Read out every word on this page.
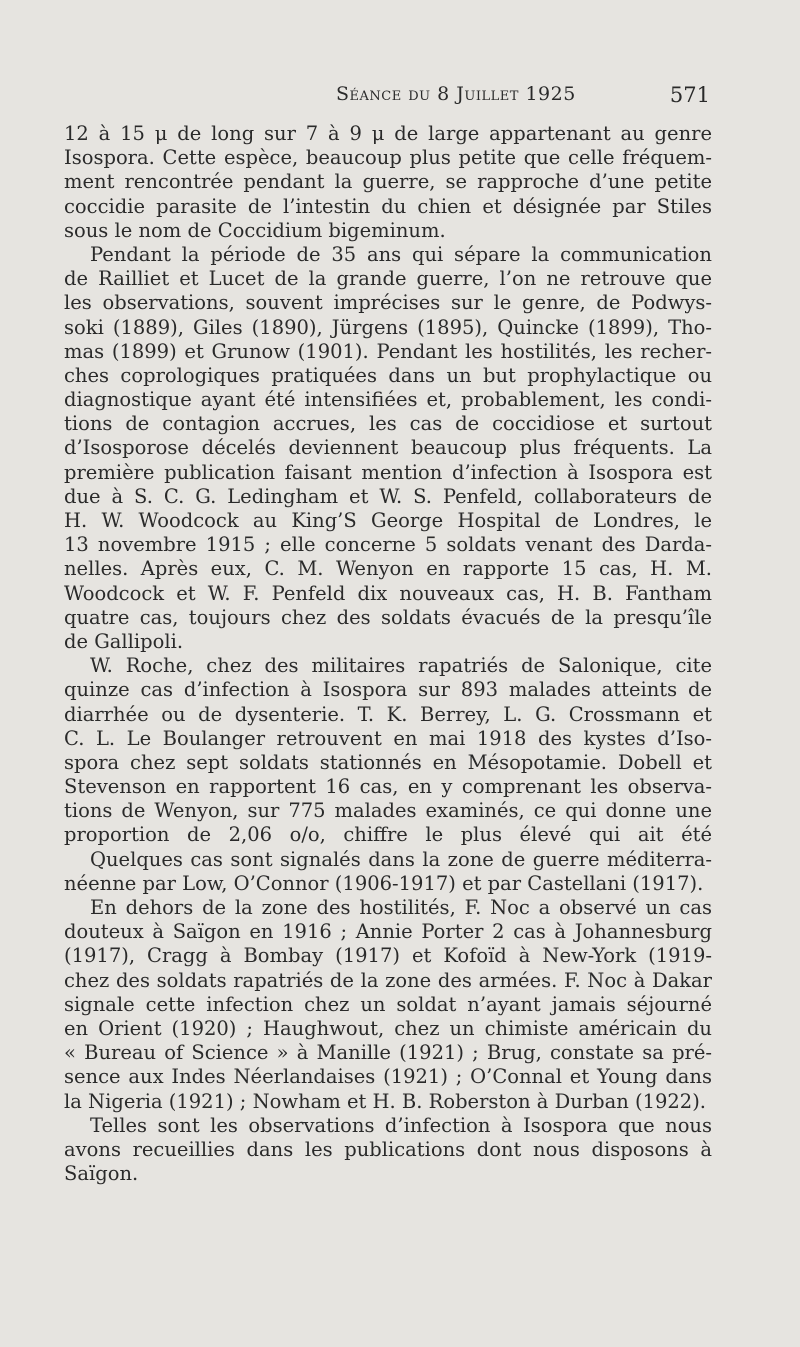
Séance du 8 Juillet 1925	571
12 à 15 μ de long sur 7 à 9 μ de large appartenant au genre
Isospora. Cette espèce, beaucoup plus petite que celle fréquem-
ment rencontrée pendant la guerre, se rapproche d’une petite
coccidie parasite de l’intestin du chien et désignée par Stiles
sous le nom de Coccidium bigeminum.
Pendant la période de 35 ans qui sépare la communication
de Railliet et Lucet de la grande guerre, l’on ne retrouve que
les observations, souvent imprécises sur le genre, de Podwys-
soki (1889), Giles (1890), Jürgens (1895), Quincke (1899), Tho-
mas (1899) et Grunow (1901). Pendant les hostilités, les recher-
ches coprologiques pratiquées dans un but prophylactique ou
diagnostique ayant été intensifiées et, probablement, les condi-
tions de contagion accrues, les cas de coccidiose et surtout
d’Isosporose décelés deviennent beaucoup plus fréquents. La
première publication faisant mention d’infection à Isospora est
due à S. C. G. Ledingham et W. S. Penfeld, collaborateurs de
H. W. Woodcock au King’S George Hospital de Londres, le
13 novembre 1915 ; elle concerne 5 soldats venant des Darda-
nelles. Après eux, C. M. Wenyon en rapporte 15 cas, H. M.
Woodcock et W. F. Penfeld dix nouveaux cas, H. B. Fantham
quatre cas, toujours chez des soldats évacués de la presqu’île
de Gallipoli.
W. Roche, chez des militaires rapatriés de Salonique, cite
quinze cas d’infection à Isospora sur 893 malades atteints de
diarrhée ou de dysenterie. T. K. Berrey, L. G. Crossmann et
C. L. Le Boulanger retrouvent en mai 1918 des kystes d’Iso-
spora chez sept soldats stationnés en Mésopotamie. Dobell et
Stevenson en rapportent 16 cas, en y comprenant les observa-
tions de Wenyon, sur 775 malades examinés, ce qui donne une
proportion de 2,06 o/o, chiffre le plus élevé qui ait été
Quelques cas sont signalés dans la zone de guerre méditerra-
néenne par Low, O’Connor (1906-1917) et par Castellani (1917).
En dehors de la zone des hostilités, F. Noc a observé un cas
douteux à Saïgon en 1916 ; Annie Porter 2 cas à Johannesburg
(1917), Cragg à Bombay (1917) et Kofoïd à New-York (1919-
chez des soldats rapatriés de la zone des armées. F. Noc à Dakar
signale cette infection chez un soldat n’ayant jamais séjourné
en Orient (1920) ; Haughwout, chez un chimiste américain du
« Bureau of Science » à Manille (1921) ; Brug, constate sa pré-
sence aux Indes Néerlandaises (1921) ; O’Connal et Young dans
la Nigeria (1921) ; Nowham et H. B. Roberston à Durban (1922).
Telles sont les observations d’infection à Isospora que nous
avons recueillies dans les publications dont nous disposons à
Saïgon.
